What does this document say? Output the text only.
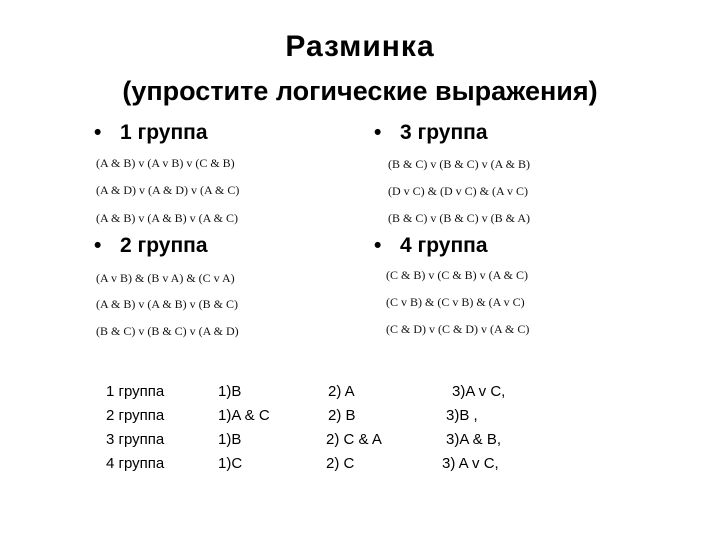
Разминка
(упростите логические выражения)
• 1 группа
(A & B) v (A v B) v (C & B)
(A & D) v (A & D) v (A & C)
(A & B) v (A & B) v (A & C)
• 2 группа
(A v B) & (B v A) & (C v A)
(A & B) v (A & B) v (B & C)
(B & C) v (B & C) v (A & D)
• 3 группа
(B & C) v (B & C) v (A & B)
(D v C) & (D v C) & (A v C)
(B & C) v (B & C) v (B & A)
• 4 группа
(C & B) v (C & B) v (A & C)
(C v B) & (C v B) & (A v C)
(C & D) v (C & D) v (A & C)
1 группа	1)B	2) A	3)A v C,
2 группа	1)A & C	2) B	3)B ,
3 группа	1)B	2) C & A	3)A & B,
4 группа	1)C	2) C	3) A v C,
